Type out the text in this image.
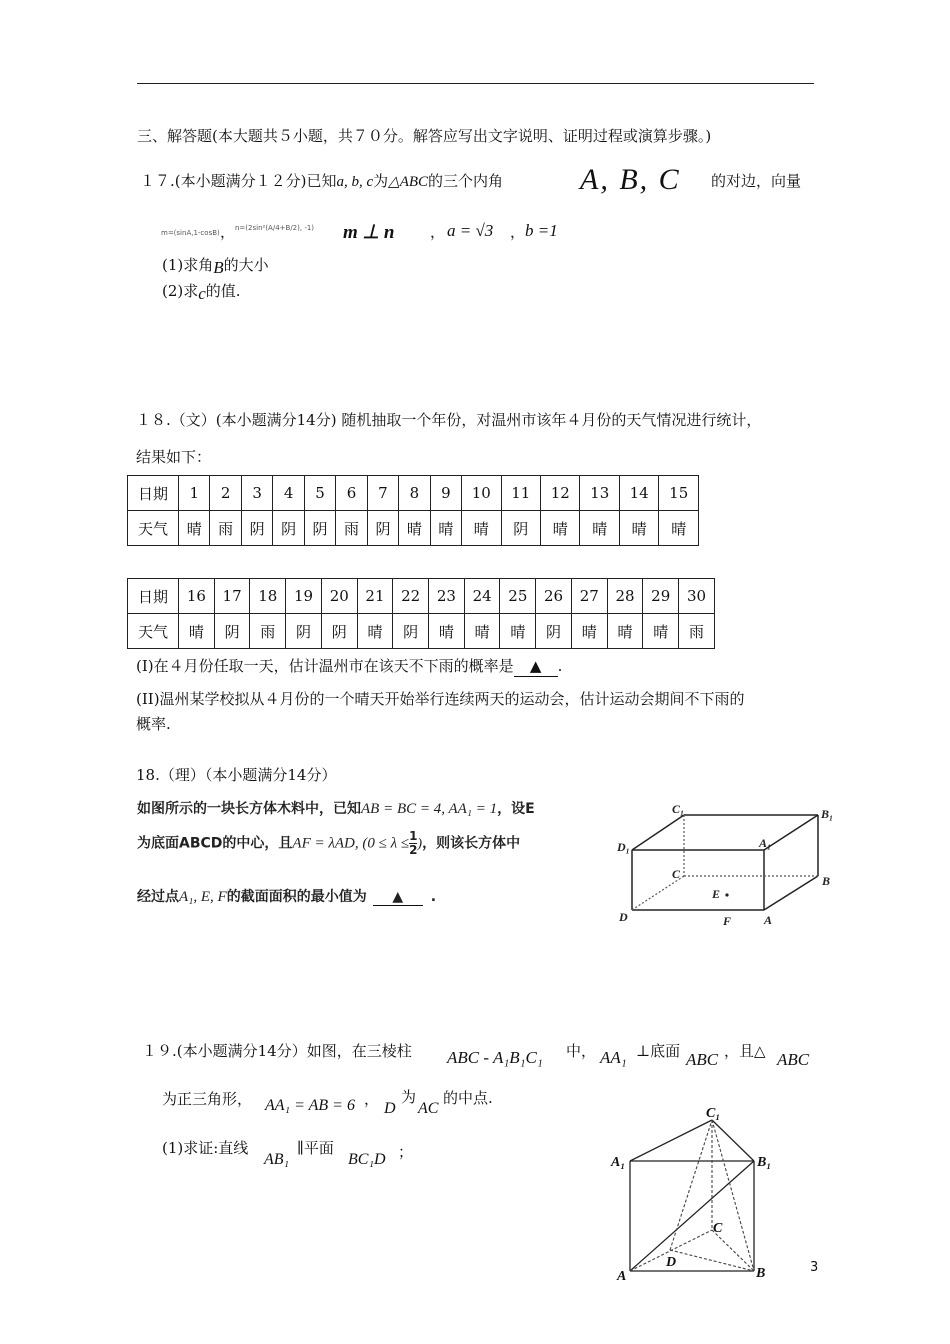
三、解答题(本大题共５小题，共７０分。解答应写出文字说明、证明过程或演算步骤。)
１７.(本小题满分１２分)已知a, b, c为△ABC的三个内角	A, B, C 的对边，向量
m=(sinA,1-cosB) ， n=(2sin²(A/4+B/2), -1) m ⊥ n ， a = √3 ， b =1
(1)求角B的大小
(2)求c的值.
１８.（文）(本小题满分14分) 随机抽取一个年份，对温州市该年４月份的天气情况进行统计，
结果如下：
日期	1	2	3	4	5	6	7	8	9	10	11	12	13	14	15
天气	晴	雨	阴	阴	阴	雨	阴	晴	晴	晴	阴	晴	晴	晴	晴
日期	16	17	18	19	20	21	22	23	24	25	26	27	28	29	30
天气	晴	阴	雨	阴	阴	晴	阴	晴	晴	晴	阴	晴	晴	晴	雨
(I)在４月份任取一天，估计温州市在该天不下雨的概率是 ▲ .
(II)温州某学校拟从４月份的一个晴天开始举行连续两天的运动会，估计运动会期间不下雨的
概率.
18.（理）（本小题满分14分）
如图所示的一块长方体木料中，已知AB = BC = 4, AA₁ = 1，设E
为底面ABCD的中心，且AF = λAD, ($0 \le \lambda \le \frac{1}{2}$ )，则该长方体中
经过点A₁, E, F的截面面积的最小值为 ▲ .
C₁	B₁
D₁	A₁
C	B
E
D	F	A
１９.(本小题满分14分）如图，在三棱柱 ABC - A₁B₁C₁ 中， AA₁ ⊥底面 ABC ，且△ ABC
为正三角形， AA₁ = AB = 6 ，
D
为
AC
的中点.
(1)求证:直线
AB₁
∥平面
BC₁D ；
C₁
A₁	B₁
C
D
A	B	3
